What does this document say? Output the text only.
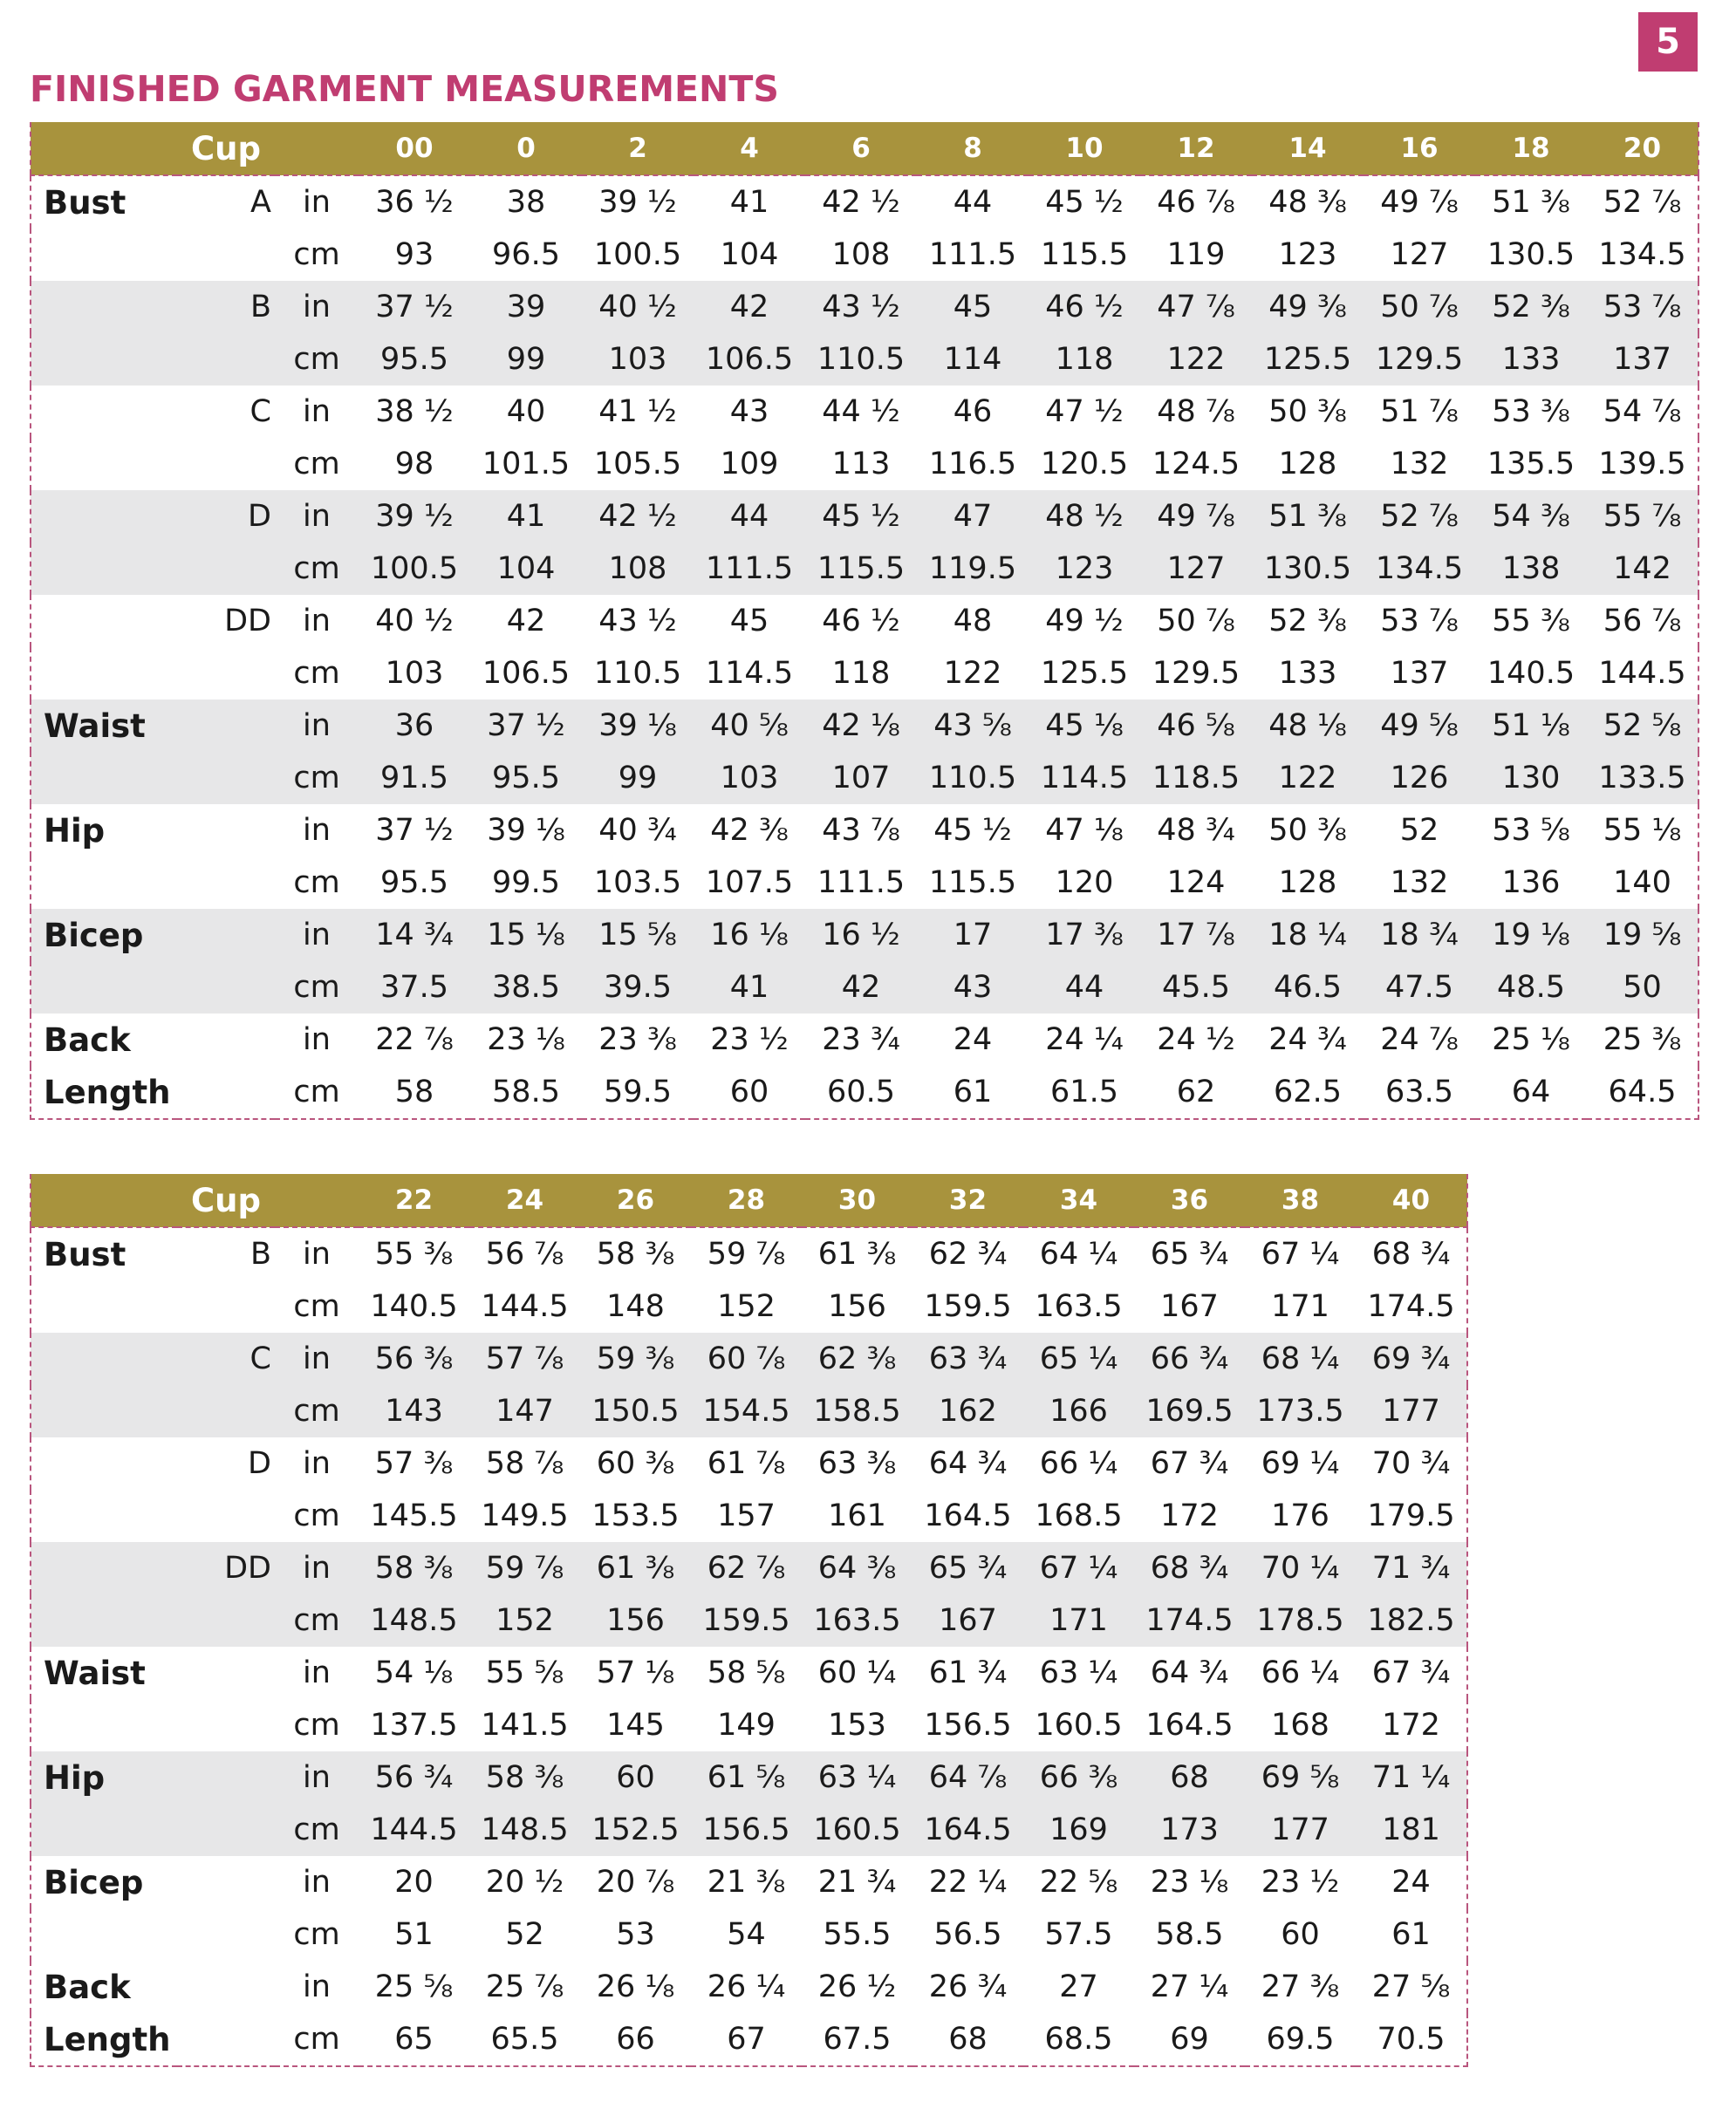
5
FINISHED GARMENT MEASUREMENTS
	Cup		00	0	2	4	6	8	10	12	14	16	18	20
Bust	A	in	36 ½	38	39 ½	41	42 ½	44	45 ½	46 ⅞	48 ⅜	49 ⅞	51 ⅜	52 ⅞
		cm	93	96.5	100.5	104	108	111.5	115.5	119	123	127	130.5	134.5
	B	in	37 ½	39	40 ½	42	43 ½	45	46 ½	47 ⅞	49 ⅜	50 ⅞	52 ⅜	53 ⅞
		cm	95.5	99	103	106.5	110.5	114	118	122	125.5	129.5	133	137
	C	in	38 ½	40	41 ½	43	44 ½	46	47 ½	48 ⅞	50 ⅜	51 ⅞	53 ⅜	54 ⅞
		cm	98	101.5	105.5	109	113	116.5	120.5	124.5	128	132	135.5	139.5
	D	in	39 ½	41	42 ½	44	45 ½	47	48 ½	49 ⅞	51 ⅜	52 ⅞	54 ⅜	55 ⅞
		cm	100.5	104	108	111.5	115.5	119.5	123	127	130.5	134.5	138	142
	DD	in	40 ½	42	43 ½	45	46 ½	48	49 ½	50 ⅞	52 ⅜	53 ⅞	55 ⅜	56 ⅞
		cm	103	106.5	110.5	114.5	118	122	125.5	129.5	133	137	140.5	144.5
Waist		in	36	37 ½	39 ⅛	40 ⅝	42 ⅛	43 ⅝	45 ⅛	46 ⅝	48 ⅛	49 ⅝	51 ⅛	52 ⅝
		cm	91.5	95.5	99	103	107	110.5	114.5	118.5	122	126	130	133.5
Hip		in	37 ½	39 ⅛	40 ¾	42 ⅜	43 ⅞	45 ½	47 ⅛	48 ¾	50 ⅜	52	53 ⅝	55 ⅛
		cm	95.5	99.5	103.5	107.5	111.5	115.5	120	124	128	132	136	140
Bicep		in	14 ¾	15 ⅛	15 ⅝	16 ⅛	16 ½	17	17 ⅜	17 ⅞	18 ¼	18 ¾	19 ⅛	19 ⅝
		cm	37.5	38.5	39.5	41	42	43	44	45.5	46.5	47.5	48.5	50
Back		in	22 ⅞	23 ⅛	23 ⅜	23 ½	23 ¾	24	24 ¼	24 ½	24 ¾	24 ⅞	25 ⅛	25 ⅜
Length		cm	58	58.5	59.5	60	60.5	61	61.5	62	62.5	63.5	64	64.5
	Cup		22	24	26	28	30	32	34	36	38	40
Bust	B	in	55 ⅜	56 ⅞	58 ⅜	59 ⅞	61 ⅜	62 ¾	64 ¼	65 ¾	67 ¼	68 ¾
		cm	140.5	144.5	148	152	156	159.5	163.5	167	171	174.5
	C	in	56 ⅜	57 ⅞	59 ⅜	60 ⅞	62 ⅜	63 ¾	65 ¼	66 ¾	68 ¼	69 ¾
		cm	143	147	150.5	154.5	158.5	162	166	169.5	173.5	177
	D	in	57 ⅜	58 ⅞	60 ⅜	61 ⅞	63 ⅜	64 ¾	66 ¼	67 ¾	69 ¼	70 ¾
		cm	145.5	149.5	153.5	157	161	164.5	168.5	172	176	179.5
	DD	in	58 ⅜	59 ⅞	61 ⅜	62 ⅞	64 ⅜	65 ¾	67 ¼	68 ¾	70 ¼	71 ¾
		cm	148.5	152	156	159.5	163.5	167	171	174.5	178.5	182.5
Waist		in	54 ⅛	55 ⅝	57 ⅛	58 ⅝	60 ¼	61 ¾	63 ¼	64 ¾	66 ¼	67 ¾
		cm	137.5	141.5	145	149	153	156.5	160.5	164.5	168	172
Hip		in	56 ¾	58 ⅜	60	61 ⅝	63 ¼	64 ⅞	66 ⅜	68	69 ⅝	71 ¼
		cm	144.5	148.5	152.5	156.5	160.5	164.5	169	173	177	181
Bicep		in	20	20 ½	20 ⅞	21 ⅜	21 ¾	22 ¼	22 ⅝	23 ⅛	23 ½	24
		cm	51	52	53	54	55.5	56.5	57.5	58.5	60	61
Back		in	25 ⅝	25 ⅞	26 ⅛	26 ¼	26 ½	26 ¾	27	27 ¼	27 ⅜	27 ⅝
Length		cm	65	65.5	66	67	67.5	68	68.5	69	69.5	70.5
